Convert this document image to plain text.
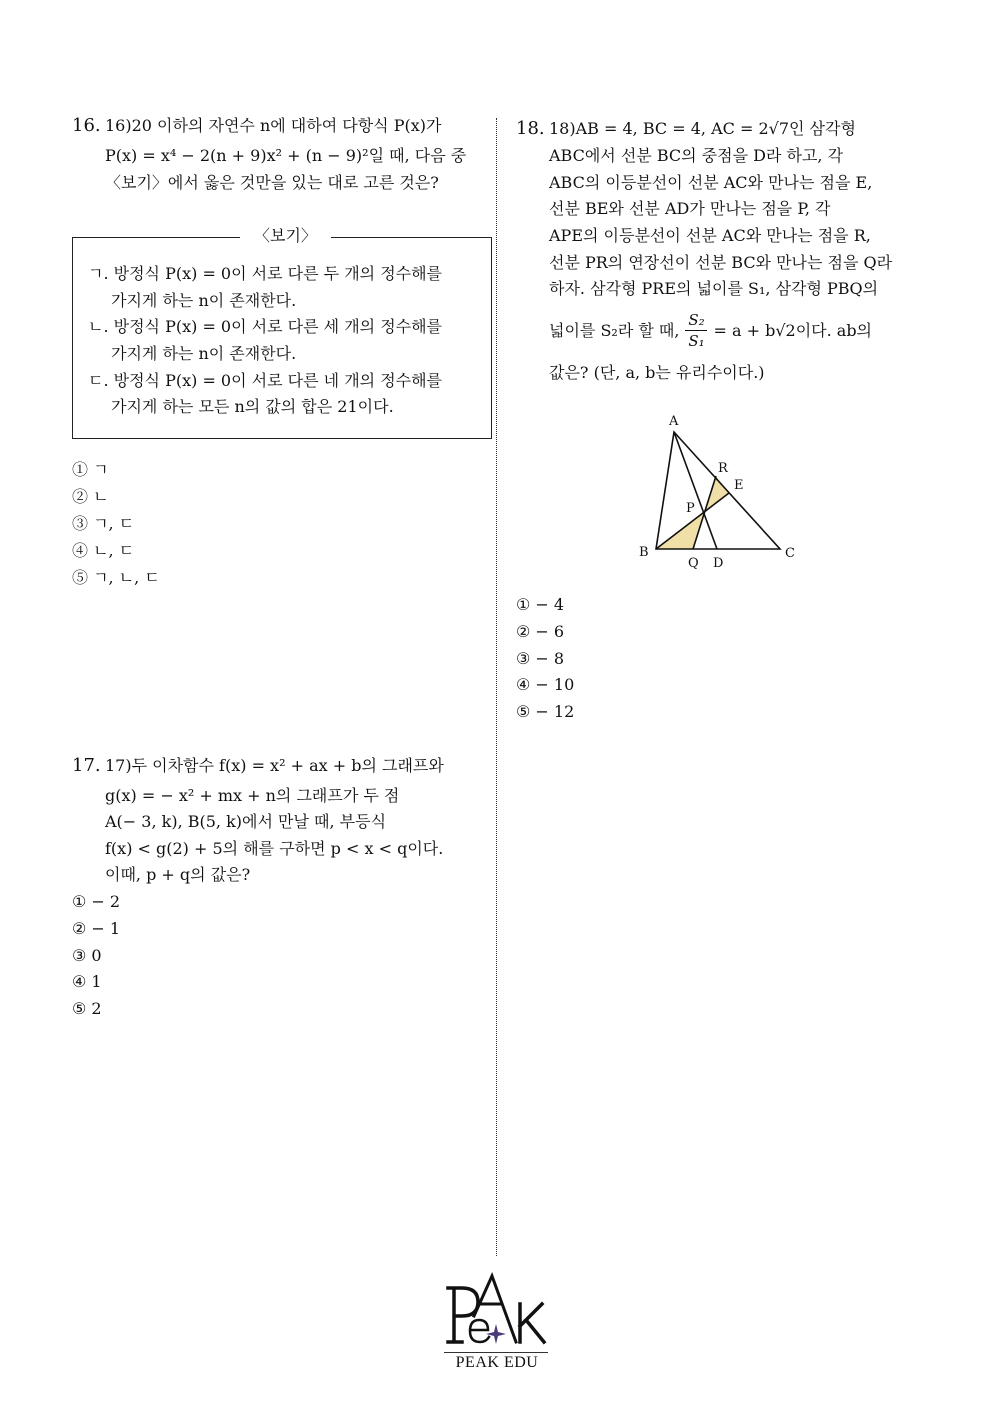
16. 16)20 이하의 자연수 n에 대하여 다항식 P(x)가
P(x) = x⁴ − 2(n + 9)x² + (n − 9)²일 때, 다음 중
〈보기〉에서 옳은 것만을 있는 대로 고른 것은?
〈보기〉
ㄱ. 방정식 P(x) = 0이 서로 다른 두 개의 정수해를
가지게 하는 n이 존재한다.
ㄴ. 방정식 P(x) = 0이 서로 다른 세 개의 정수해를
가지게 하는 n이 존재한다.
ㄷ. 방정식 P(x) = 0이 서로 다른 네 개의 정수해를
가지게 하는 모든 n의 값의 합은 21이다.
① ㄱ
② ㄴ
③ ㄱ, ㄷ
④ ㄴ, ㄷ
⑤ ㄱ, ㄴ, ㄷ
17. 17)두 이차함수 f(x) = x² + ax + b의 그래프와
g(x) = − x² + mx + n의 그래프가 두 점
A(− 3, k), B(5, k)에서 만날 때, 부등식
f(x) < g(2) + 5의 해를 구하면 p < x < q이다.
이때, p + q의 값은?
① − 2
② − 1
③ 0
④ 1
⑤ 2
18. 18)AB = 4, BC = 4, AC = 2√7인 삼각형
ABC에서 선분 BC의 중점을 D라 하고, 각
ABC의 이등분선이 선분 AC와 만나는 점을 E,
선분 BE와 선분 AD가 만나는 점을 P, 각
APE의 이등분선이 선분 AC와 만나는 점을 R,
선분 PR의 연장선이 선분 BC와 만나는 점을 Q라
하자. 삼각형 PRE의 넓이를 S₁, 삼각형 PBQ의
넓이를 S₂라 할 때, $\frac{\text{S₂}}{\text{S₁}} = a + b√2$이다. ab의
값은? (단, a, b는 유리수이다.)
A
B	C
D
E
P
Q
R
① − 4
② − 6
③ − 8
④ − 10
⑤ − 12
PEAK EDU
